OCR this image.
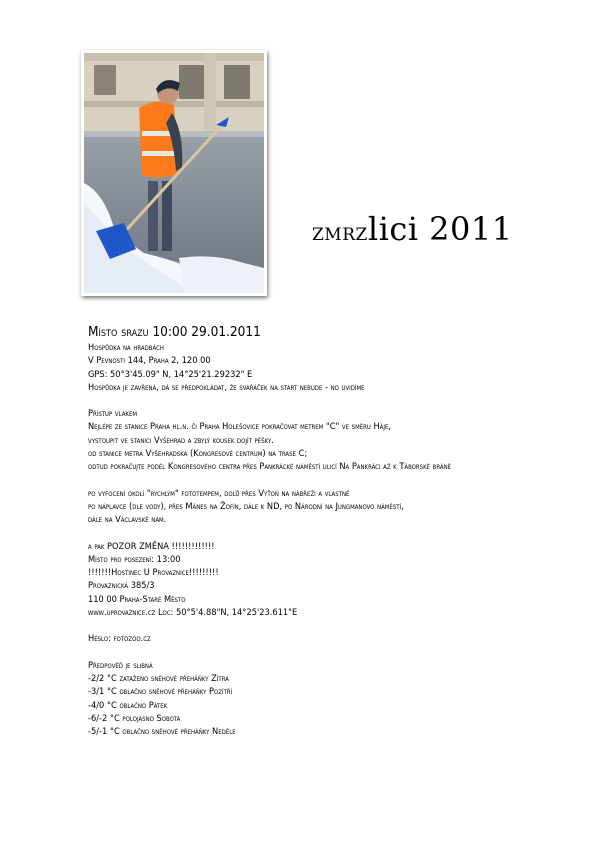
zmrzlici 2011

Místo srazu 10:00 29.01.2011

Hospůdka na hradbách

V Pevnosti 144, Praha 2, 120 00

GPS: 50°3'45.09" N, 14°25'21.29232" E

Hospůdka je zavřená, dá se předpokládat, že svařáček na start nebude - no uvidíme

Přístup vlakem

Nejlépe ze stanice Praha hl.n. či Praha Holešovice pokračovat metrem "C" ve směru Háje,

vystoupit ve stanici Vyšehrad a zbylý kousek dojít pěšky.

od stanice metra Vyšehradská (Kongresové centrum) na trase C;

odtud pokračujte podél Kongresového centra přes Pankrácké náměstí ulicí Na Pankráci až k Táborské bráně

po vyfocení okolí "rychlým" fototempem, dolů přes Vyťoň na nábřeží a vlastně

po náplavce (dle vody), přes Mánes na Žofín, dále k ND, po Národní na Jungmanovo náměstí,

dále na Václavské nám.

a pak POZOR ZMĚNA !!!!!!!!!!!!!

Místo pro posezení: 13:00

!!!!!!!Hostinec U Provaznice!!!!!!!!!

Provaznická 385/3

110 00 Praha-Staré Město

www.uprovaznice.cz Loc: 50°5'4.88"N, 14°25'23.611"E

Heslo: fotozoo.cz

Předpověď je slibná

-2/2 °C zataženo sněhové přeháňky Zítra

-3/1 °C oblačno sněhové přeháňky Pozítří

-4/0 °C oblačno Pátek

-6/-2 °C polojasno Sobota

-5/-1 °C oblačno sněhové přeháňky Neděle
